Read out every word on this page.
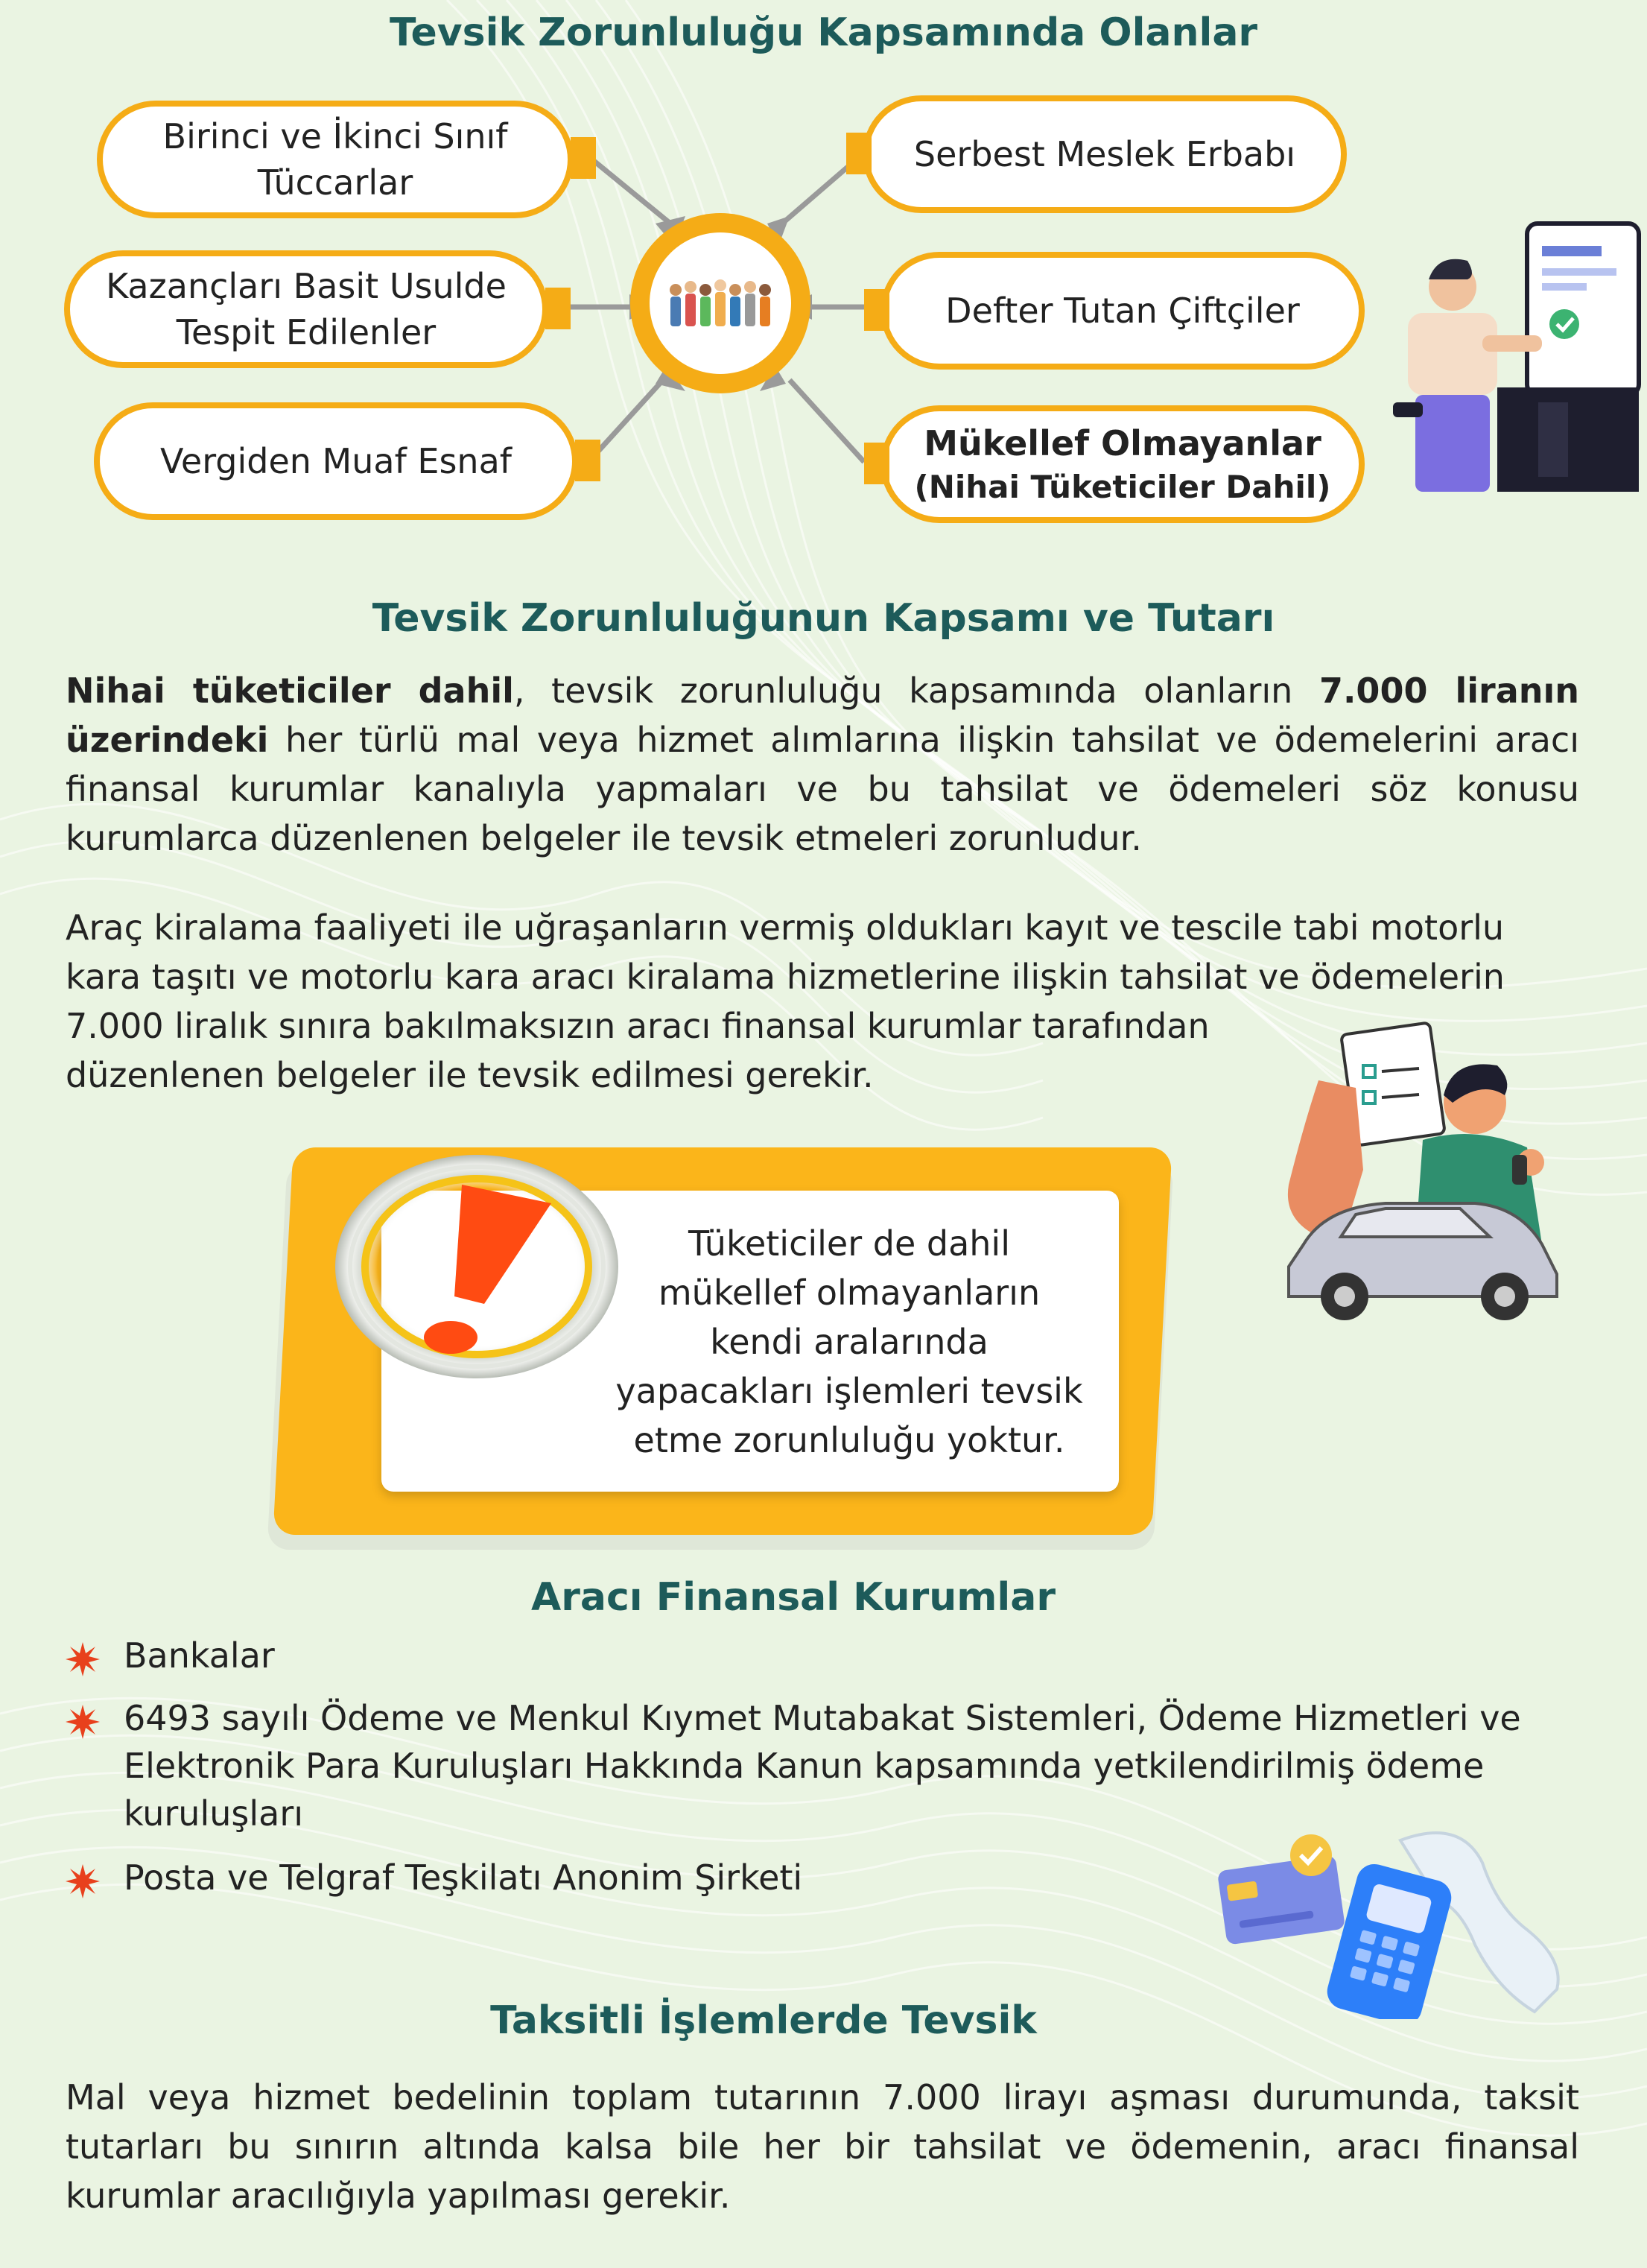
Tevsik Zorunluluğu Kapsamında Olanlar
Birinci ve İkinci Sınıf
Tüccarlar
Kazançları Basit Usulde
Tespit Edilenler
Vergiden Muaf Esnaf
Serbest Meslek Erbabı
Defter Tutan Çiftçiler
Mükellef Olmayanlar
(Nihai Tüketiciler Dahil)
Tevsik Zorunluluğunun Kapsamı ve Tutarı
Nihai tüketiciler dahil, tevsik zorunluluğu kapsamında olanların 7.000 liranın üzerindeki her türlü mal veya hizmet alımlarına ilişkin tahsilat ve ödemelerini aracı finansal kurumlar kanalıyla yapmaları ve bu tahsilat ve ödemeleri söz konusu kurumlarca düzenlenen belgeler ile tevsik etmeleri zorunludur.
Araç kiralama faaliyeti ile uğraşanların vermiş oldukları kayıt ve tescile tabi motorlu
kara taşıtı ve motorlu kara aracı kiralama hizmetlerine ilişkin tahsilat ve ödemelerin
7.000 liralık sınıra bakılmaksızın aracı finansal kurumlar tarafından
düzenlenen belgeler ile tevsik edilmesi gerekir.
Tüketiciler de dahil
mükellef olmayanların
kendi aralarında
yapacakları işlemleri tevsik
etme zorunluluğu yoktur.
Aracı Finansal Kurumlar
Bankalar
6493 sayılı Ödeme ve Menkul Kıymet Mutabakat Sistemleri, Ödeme Hizmetleri ve Elektronik Para Kuruluşları Hakkında Kanun kapsamında yetkilendirilmiş ödeme kuruluşları
Posta ve Telgraf Teşkilatı Anonim Şirketi
Taksitli İşlemlerde Tevsik
Mal veya hizmet bedelinin toplam tutarının 7.000 lirayı aşması durumunda, taksit tutarları bu sınırın altında kalsa bile her bir tahsilat ve ödemenin, aracı finansal kurumlar aracılığıyla yapılması gerekir.
